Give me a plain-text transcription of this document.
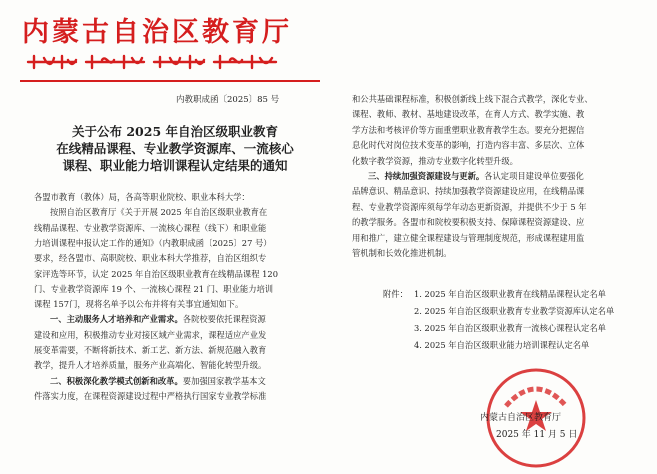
内蒙古自治区教育厅
内教职成函〔2025〕85 号
关于公布 2025 年自治区级职业教育
在线精品课程、专业教学资源库、一流核心
课程、职业能力培训课程认定结果的通知
各盟市教育（教体）局，各高等职业院校、职业本科大学：
按照自治区教育厅《关于开展 2025 年自治区级职业教育在
线精品课程、专业教学资源库、一流核心课程（线下）和职业能
力培训课程申报认定工作的通知》（内教职成函〔2025〕27 号）
要求，经各盟市、高职院校、职业本科大学推荐，自治区组织专
家评选等环节，认定 2025 年自治区级职业教育在线精品课程 120
门、专业教学资源库 19 个、一流核心课程 21 门、职业能力培训
课程 157门，现将名单予以公布并将有关事宜通知如下。
一、主动服务人才培养和产业需求。各院校要依托课程资源
建设和应用，积极推动专业对接区域产业需求，课程适应产业发
展变革需要，不断将新技术、新工艺、新方法、新规范融入教育
教学，提升人才培养质量，服务产业高端化、智能化转型升级。
二、积极深化教学模式创新和改革。要加强国家教学基本文
件落实力度，在课程资源建设过程中严格执行国家专业教学标准
和公共基础课程标准，积极创新线上线下混合式教学，深化专业、
课程、教师、教材、基地建设改革，在育人方式、教学实施、教
学方法和考核评价等方面重塑职业教育教学生态。要充分把握信
息化时代对岗位技术变革的影响，打造内容丰富、多层次、立体
化数字教学资源，推动专业数字化转型升级。
三、持续加强资源建设与更新。各认定项目建设单位要强化
品牌意识、精品意识、持续加强教学资源建设应用，在线精品课
程、专业教学资源库须每学年动态更新资源，并提供不少于 5 年
的教学服务。各盟市和院校要积极支持、保障课程资源建设、应
用和推广，建立健全课程建设与管理制度规范，形成课程建用监
管机制和长效化推进机制。
附件： 1. 2025 年自治区级职业教育在线精品课程认定名单
2. 2025 年自治区级职业教育专业教学资源库认定名单
3. 2025 年自治区级职业教育一流核心课程认定名单
4. 2025 年自治区级职业能力培训课程认定名单
内蒙古自治区教育厅
2025 年 11 月 5 日
